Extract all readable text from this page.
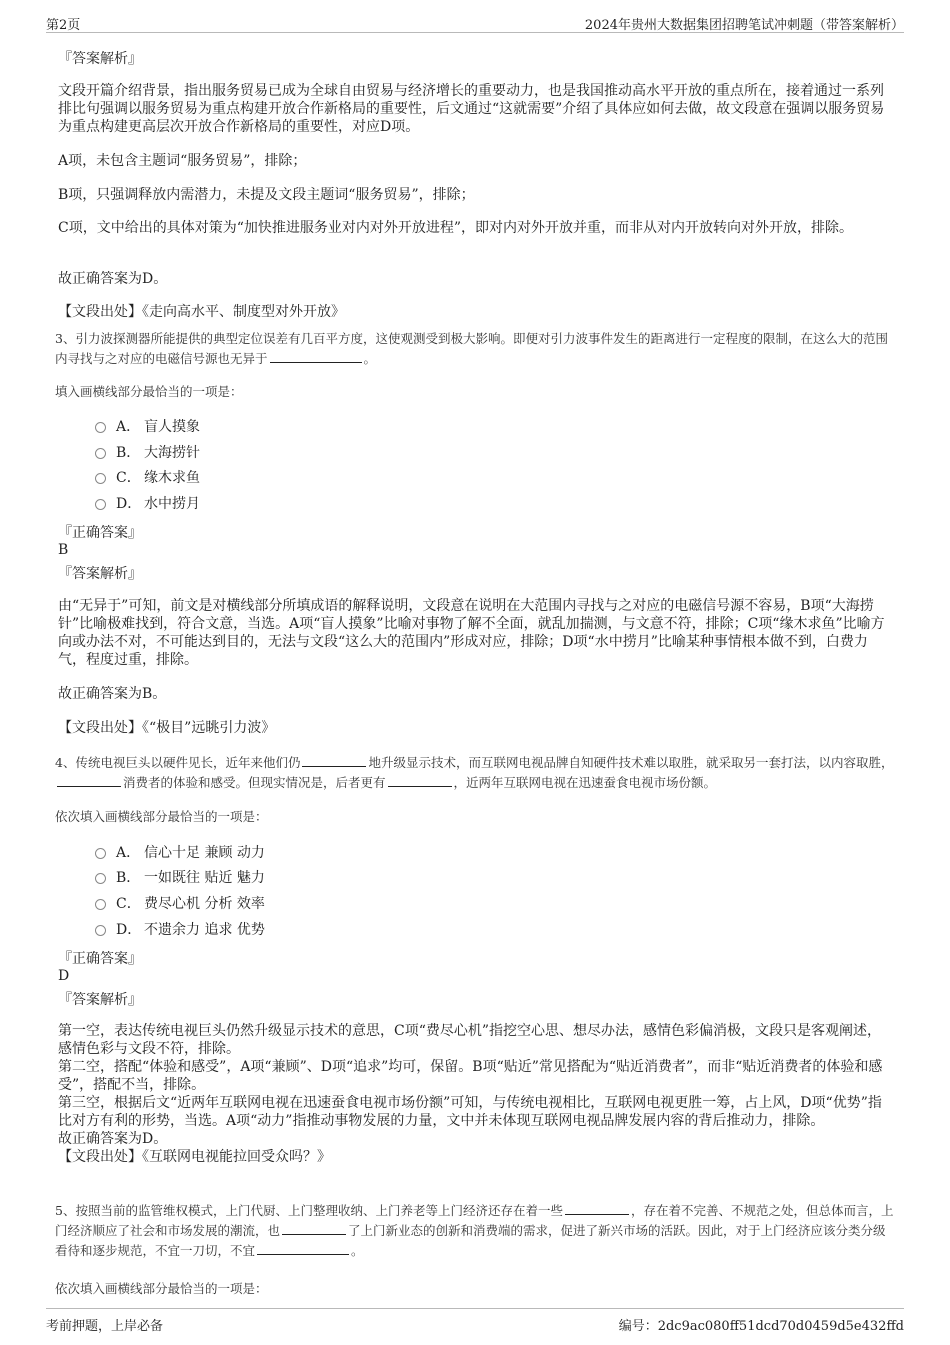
第2页	2024年贵州大数据集团招聘笔试冲刺题（带答案解析）
『答案解析』
文段开篇介绍背景，指出服务贸易已成为全球自由贸易与经济增长的重要动力，也是我国推动高水平开放的重点所在，接着通过一系列排比句强调以服务贸易为重点构建开放合作新格局的重要性，后文通过“这就需要”介绍了具体应如何去做，故文段意在强调以服务贸易为重点构建更高层次开放合作新格局的重要性，对应D项。
A项，未包含主题词“服务贸易”，排除；
B项，只强调释放内需潜力，未提及文段主题词“服务贸易”，排除；
C项，文中给出的具体对策为“加快推进服务业对内对外开放进程”，即对内对外开放并重，而非从对内开放转向对外开放，排除。
故正确答案为D。
【文段出处】《走向高水平、制度型对外开放》
3、引力波探测器所能提供的典型定位误差有几百平方度，这使观测受到极大影响。即便对引力波事件发生的距离进行一定程度的限制，在这么大的范围内寻找与之对应的电磁信号源也无异于	。
填入画横线部分最恰当的一项是：
A． 盲人摸象
B． 大海捞针
C． 缘木求鱼
D． 水中捞月
『正确答案』
B
『答案解析』
由“无异于”可知，前文是对横线部分所填成语的解释说明，文段意在说明在大范围内寻找与之对应的电磁信号源不容易，B项“大海捞针”比喻极难找到，符合文意，当选。A项“盲人摸象”比喻对事物了解不全面，就乱加揣测，与文意不符，排除；C项“缘木求鱼”比喻方向或办法不对，不可能达到目的，无法与文段“这么大的范围内”形成对应，排除；D项“水中捞月”比喻某种事情根本做不到，白费力气，程度过重，排除。
故正确答案为B。
【文段出处】《“极目”远眺引力波》
4、传统电视巨头以硬件见长，近年来他们仍	地升级显示技术，而互联网电视品牌自知硬件技术难以取胜，就采取另一套打法，以内容取胜，消费者的体验和感受。但现实情况是，后者更有	，近两年互联网电视在迅速蚕食电视市场份额。
依次填入画横线部分最恰当的一项是：
A． 信心十足 兼顾 动力
B． 一如既往 贴近 魅力
C． 费尽心机 分析 效率
D． 不遗余力 追求 优势
『正确答案』
D
『答案解析』

第一空，表达传统电视巨头仍然升级显示技术的意思，C项“费尽心机”指挖空心思、想尽办法，感情色彩偏消极，文段只是客观阐述，感情色彩与文段不符，排除。

第二空，搭配“体验和感受”，A项“兼顾”、D项“追求”均可，保留。B项“贴近”常见搭配为“贴近消费者”，而非“贴近消费者的体验和感受”，搭配不当，排除。

第三空，根据后文“近两年互联网电视在迅速蚕食电视市场份额”可知，与传统电视相比，互联网电视更胜一筹，占上风，D项“优势”指比对方有利的形势，当选。A项“动力”指推动事物发展的力量，文中并未体现互联网电视品牌发展内容的背后推动力，排除。

故正确答案为D。

【文段出处】《互联网电视能拉回受众吗？》

5、按照当前的监管维权模式，上门代厨、上门整理收纳、上门养老等上门经济还存在着一些	，存在着不完善、不规范之处，但总体而言，上门经济顺应了社会和市场发展的潮流，也	了上门新业态的创新和消费端的需求，促进了新兴市场的活跃。因此，对于上门经济应该分类分级看待和逐步规范，不宜一刀切，不宜	。
依次填入画横线部分最恰当的一项是：
考前押题，上岸必备	编号：2dc9ac080ff51dcd70d0459d5e432ffd
